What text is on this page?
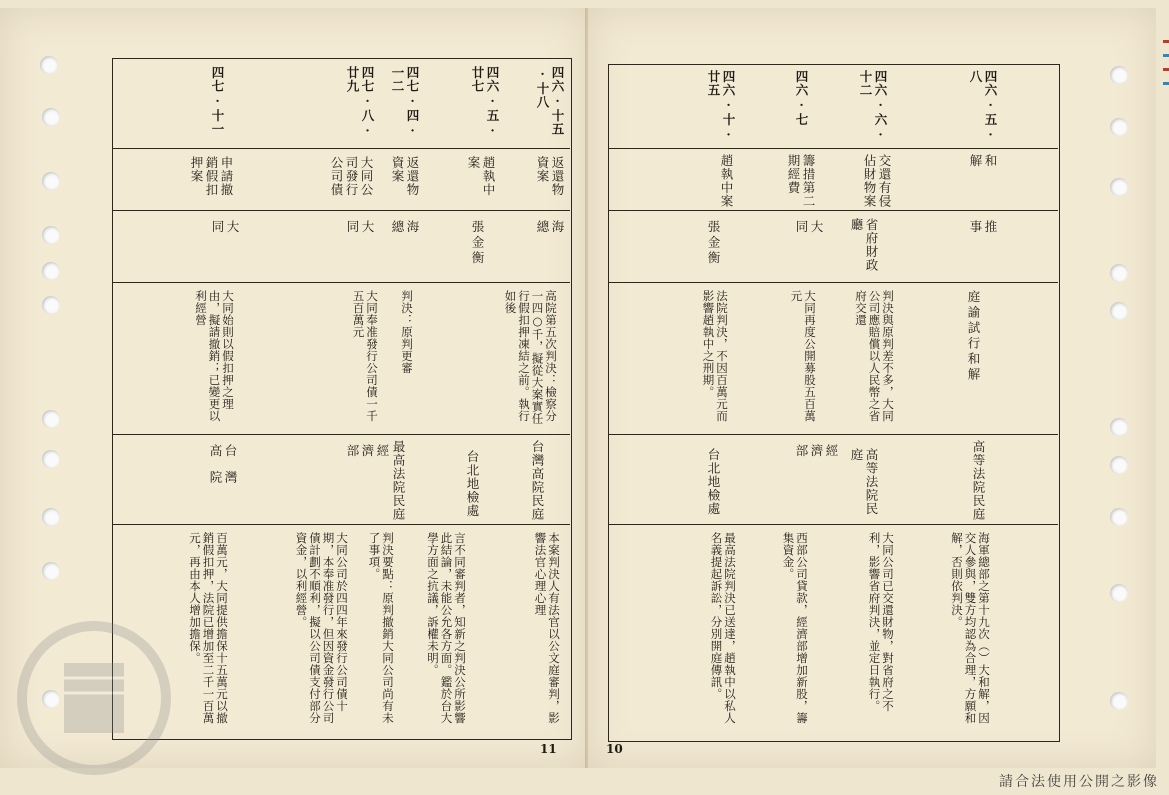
四六·十五·十八
返還物資案
海　總
高院第五次判決：檢察分一四○千，擬從大案實任行假扣押凍結之前。執行如後
台灣高院民庭
本案判決人有法官以公文庭審判，影響法官心理心理
四六·五·廿七
趙執中案
張金衡
台北地檢處
言不同審判者，知新之判決公所影響此結論，未能公允各方面。鑑於台大學方面之抗議，訴權未明。
四七·四·一二
返還物資案
海　總
判決：原判更審
最高法院民庭
判決要點：原判撤銷大同公司尚有未了事項。
四七·八·廿九
大同公司發行公司債
大　同
大同奉准發行公司債一千五百萬元
經　濟　部
大同公司於四四年來發行公司債十期，本奉准發行，但因資金發行公司債計劃不順利，擬以公司債支付部分資金，以利經營。
四七·十一
申請撤銷假扣押案
大　同
大同始則以假扣押之理由，擬請撤銷；已變更以利經營
台灣高院
百萬元，大同提供擔保十五萬元以撤銷假扣押，法院已增加至二千一百萬元，再由本人增加擔保。
11
四六·五·八
和　解
推　事
庭諭試行和解
高等法院民庭
海軍總部之第十九次（）大和解，因交人參與，雙方均認為合理，方願和解，否則依判決。
四六·六·十二
交還有侵佔財物案
省府財政廳
判決與原判差不多，大同公司應賠償以人民幣之省府交還
高等法院民庭
大同公司已交還財物，對省府之不利，影響省府判決，並定日執行。
四六·七
籌措第二期經費
大　同
大同再度公開募股五百萬元
經　濟　部
西部公司貸款，經濟部增加新股，籌集資金。
四六·十·廿五
趙執中案
張金衡
法院判決，不因百萬元而影響趙執中之刑期。
台北地檢處
最高法院判決已送達，趙執中以私人名義提起訴訟，分別開庭傳訊。
10
請合法使用公開之影像
